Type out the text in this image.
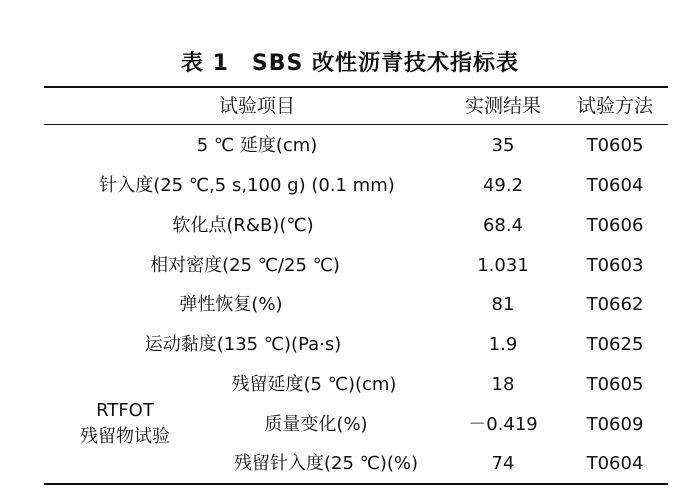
表 1　SBS 改性沥青技术指标表
试验项目	实测结果 试验方法
5 ℃ 延度(cm)	35	T0605
针入度(25 ℃,5 s,100 g) (0.1 mm)	49.2	T0604
软化点(R&B)(℃)	68.4	T0606
相对密度(25 ℃/25 ℃)	1.031	T0603
弹性恢复(%)	81	T0662
运动黏度(135 ℃)(Pa·s)	1.9	T0625
RTFOT
残留物试验
残留延度(5 ℃)(cm)	18	T0605
质量变化(%)	－0.419	T0609
残留针入度(25 ℃)(%)	74	T0604
